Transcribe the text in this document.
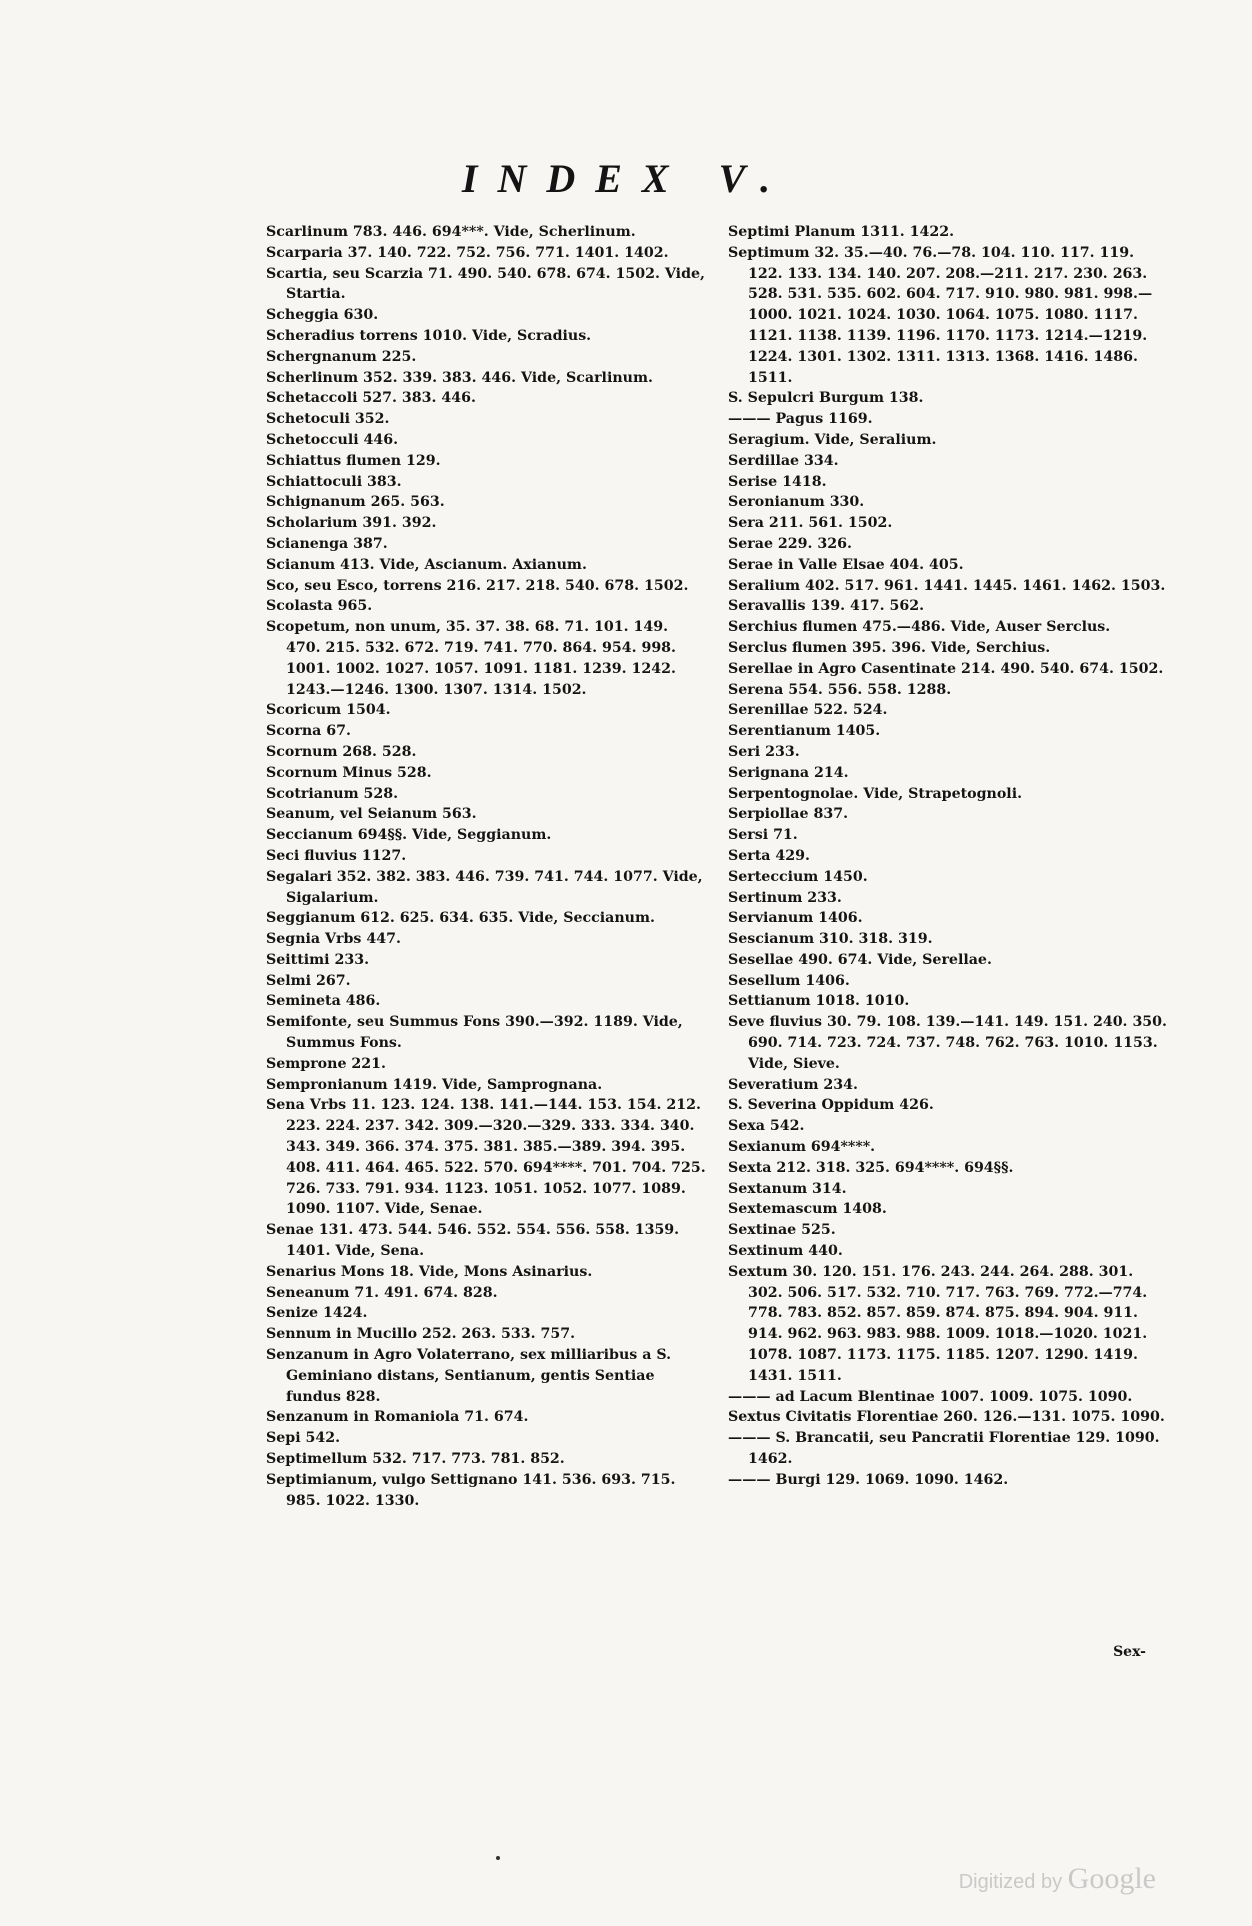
INDEX V.
Scarlinum 783. 446. 694***. Vide, Scherlinum.
Scarparia 37. 140. 722. 752. 756. 771. 1401. 1402.
Scartia, seu Scarzia 71. 490. 540. 678. 674. 1502. Vide, Startia.
Scheggia 630.
Scheradius torrens 1010. Vide, Scradius.
Schergnanum 225.
Scherlinum 352. 339. 383. 446. Vide, Scarlinum.
Schetaccoli 527. 383. 446.
Schetoculi 352.
Schetocculi 446.
Schiattus flumen 129.
Schiattoculi 383.
Schignanum 265. 563.
Scholarium 391. 392.
Scianenga 387.
Scianum 413. Vide, Ascianum. Axianum.
Sco, seu Esco, torrens 216. 217. 218. 540. 678. 1502.
Scolasta 965.
Scopetum, non unum, 35. 37. 38. 68. 71. 101. 149. 470. 215. 532. 672. 719. 741. 770. 864. 954. 998. 1001. 1002. 1027. 1057. 1091. 1181. 1239. 1242. 1243.—1246. 1300. 1307. 1314. 1502.
Scoricum 1504.
Scorna 67.
Scornum 268. 528.
Scornum Minus 528.
Scotrianum 528.
Seanum, vel Seianum 563.
Seccianum 694§§. Vide, Seggianum.
Seci fluvius 1127.
Segalari 352. 382. 383. 446. 739. 741. 744. 1077. Vide, Sigalarium.
Seggianum 612. 625. 634. 635. Vide, Seccianum.
Segnia Vrbs 447.
Seittimi 233.
Selmi 267.
Semineta 486.
Semifonte, seu Summus Fons 390.—392. 1189. Vide, Summus Fons.
Semprone 221.
Sempronianum 1419. Vide, Samprognana.
Sena Vrbs 11. 123. 124. 138. 141.—144. 153. 154. 212. 223. 224. 237. 342. 309.—320.—329. 333. 334. 340. 343. 349. 366. 374. 375. 381. 385.—389. 394. 395. 408. 411. 464. 465. 522. 570. 694****. 701. 704. 725. 726. 733. 791. 934. 1123. 1051. 1052. 1077. 1089. 1090. 1107. Vide, Senae.
Senae 131. 473. 544. 546. 552. 554. 556. 558. 1359. 1401. Vide, Sena.
Senarius Mons 18. Vide, Mons Asinarius.
Seneanum 71. 491. 674. 828.
Senize 1424.
Sennum in Mucillo 252. 263. 533. 757.
Senzanum in Agro Volaterrano, sex milliaribus a S. Geminiano distans, Sentianum, gentis Sentiae fundus 828.
Senzanum in Romaniola 71. 674.
Sepi 542.
Septimellum 532. 717. 773. 781. 852.
Septimianum, vulgo Settignano 141. 536. 693. 715. 985. 1022. 1330.
Septimi Planum 1311. 1422.
Septimum 32. 35.—40. 76.—78. 104. 110. 117. 119. 122. 133. 134. 140. 207. 208.—211. 217. 230. 263. 528. 531. 535. 602. 604. 717. 910. 980. 981. 998.—1000. 1021. 1024. 1030. 1064. 1075. 1080. 1117. 1121. 1138. 1139. 1196. 1170. 1173. 1214.—1219. 1224. 1301. 1302. 1311. 1313. 1368. 1416. 1486. 1511.
S. Sepulcri Burgum 138.
——— Pagus 1169.
Seragium. Vide, Seralium.
Serdillae 334.
Serise 1418.
Seronianum 330.
Sera 211. 561. 1502.
Serae 229. 326.
Serae in Valle Elsae 404. 405.
Seralium 402. 517. 961. 1441. 1445. 1461. 1462. 1503.
Seravallis 139. 417. 562.
Serchius flumen 475.—486. Vide, Auser Serclus.
Serclus flumen 395. 396. Vide, Serchius.
Serellae in Agro Casentinate 214. 490. 540. 674. 1502.
Serena 554. 556. 558. 1288.
Serenillae 522. 524.
Serentianum 1405.
Seri 233.
Serignana 214.
Serpentognolae. Vide, Strapetognoli.
Serpiollae 837.
Sersi 71.
Serta 429.
Serteccium 1450.
Sertinum 233.
Servianum 1406.
Sescianum 310. 318. 319.
Sesellae 490. 674. Vide, Serellae.
Sesellum 1406.
Settianum 1018. 1010.
Seve fluvius 30. 79. 108. 139.—141. 149. 151. 240. 350. 690. 714. 723. 724. 737. 748. 762. 763. 1010. 1153. Vide, Sieve.
Severatium 234.
S. Severina Oppidum 426.
Sexa 542.
Sexianum 694****.
Sexta 212. 318. 325. 694****. 694§§.
Sextanum 314.
Sextemascum 1408.
Sextinae 525.
Sextinum 440.
Sextum 30. 120. 151. 176. 243. 244. 264. 288. 301. 302. 506. 517. 532. 710. 717. 763. 769. 772.—774. 778. 783. 852. 857. 859. 874. 875. 894. 904. 911. 914. 962. 963. 983. 988. 1009. 1018.—1020. 1021. 1078. 1087. 1173. 1175. 1185. 1207. 1290. 1419. 1431. 1511.
——— ad Lacum Blentinae 1007. 1009. 1075. 1090.
Sextus Civitatis Florentiae 260. 126.—131. 1075. 1090.
——— S. Brancatii, seu Pancratii Florentiae 129. 1090. 1462.
——— Burgi 129. 1069. 1090. 1462.
Sex-
Digitized by Google
